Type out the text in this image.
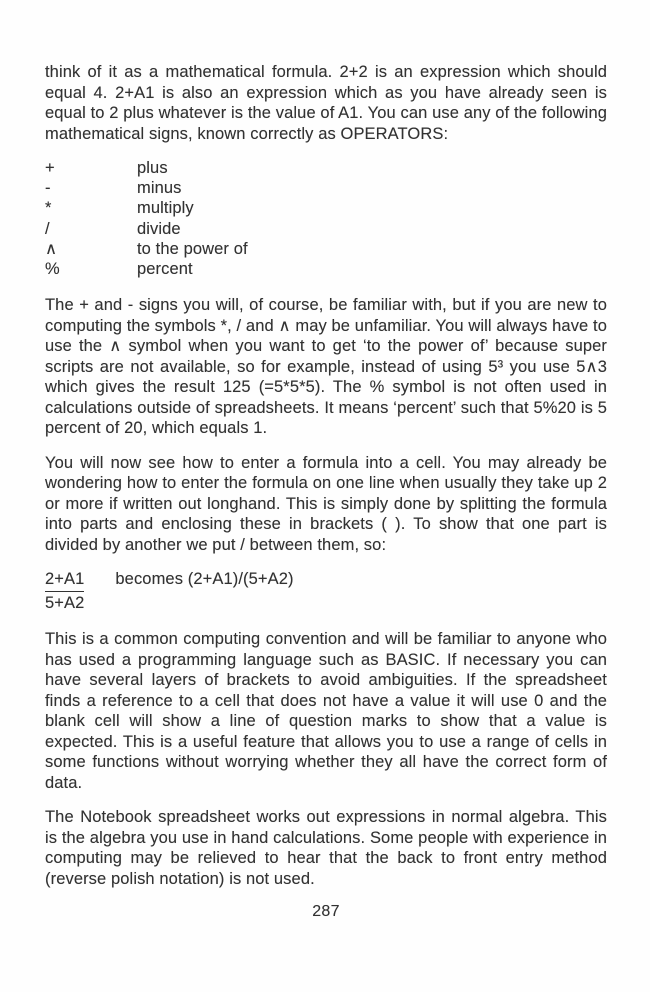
think of it as a mathematical formula. 2+2 is an expression which should equal 4. 2+A1 is also an expression which as you have already seen is equal to 2 plus whatever is the value of A1. You can use any of the following mathematical signs, known correctly as OPERATORS:

+	plus
-	minus
*	multiply
/	divide
∧	to the power of
%	percent

The + and - signs you will, of course, be familiar with, but if you are new to computing the symbols *, / and ∧ may be unfamiliar. You will always have to use the ∧ symbol when you want to get ‘to the power of’ because super scripts are not available, so for example, instead of using 5³ you use 5∧3 which gives the result 125 (=5*5*5). The % symbol is not often used in calculations outside of spreadsheets. It means ‘percent’ such that 5%20 is 5 percent of 20, which equals 1.

You will now see how to enter a formula into a cell. You may already be wondering how to enter the formula on one line when usually they take up 2 or more if written out longhand. This is simply done by splitting the formula into parts and enclosing these in brackets ( ). To show that one part is divided by another we put / between them, so:

$\frac{2+A1}{5+A2}$ becomes (2+A1)/(5+A2)

This is a common computing convention and will be familiar to anyone who has used a programming language such as BASIC. If necessary you can have several layers of brackets to avoid ambiguities. If the spreadsheet finds a reference to a cell that does not have a value it will use 0 and the blank cell will show a line of question marks to show that a value is expected. This is a useful feature that allows you to use a range of cells in some functions without worrying whether they all have the correct form of data.

The Notebook spreadsheet works out expressions in normal algebra. This is the algebra you use in hand calculations. Some people with experience in computing may be relieved to hear that the back to front entry method (reverse polish notation) is not used.

287
